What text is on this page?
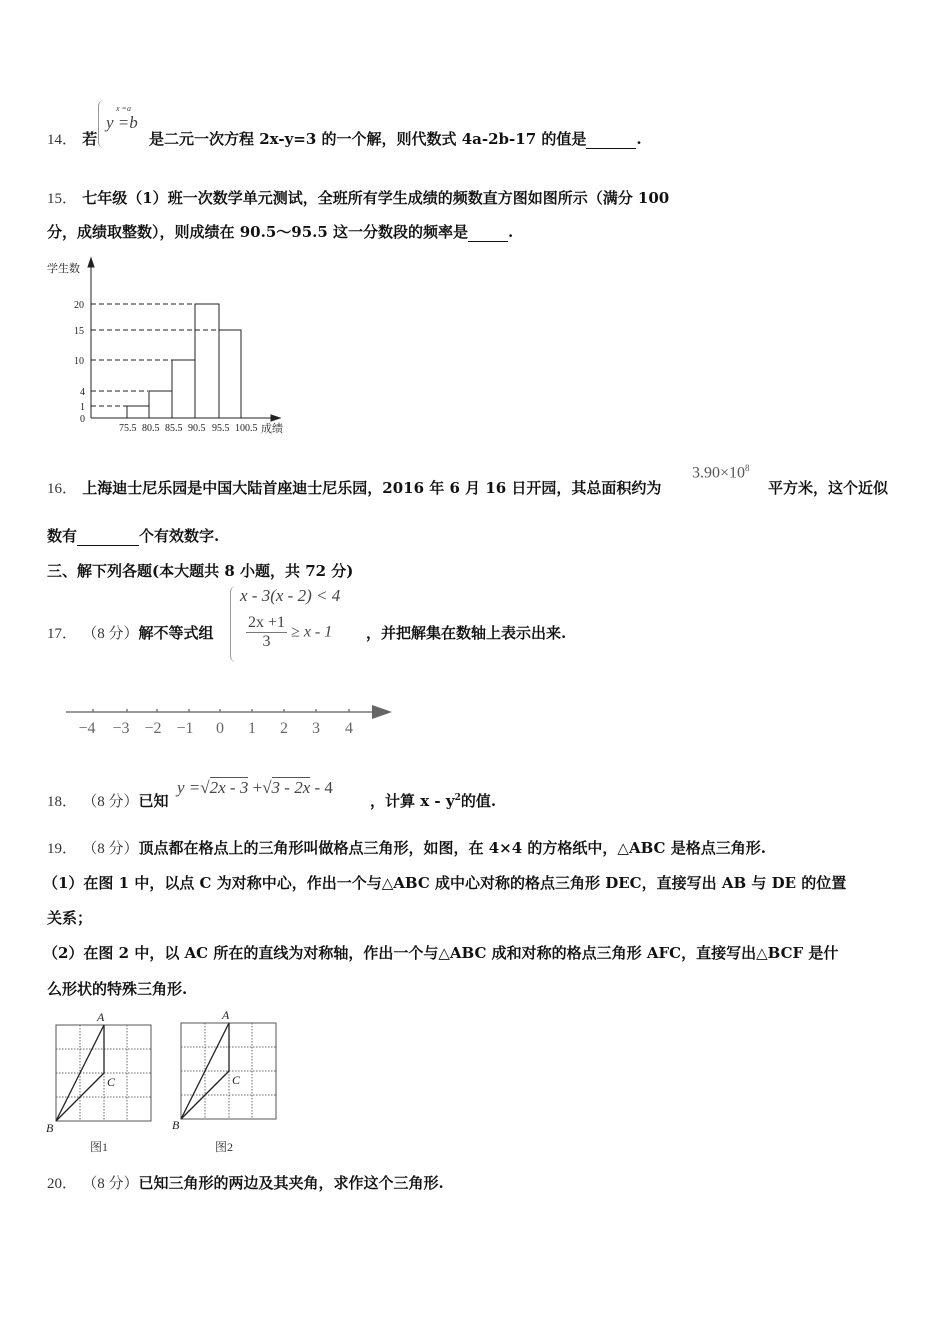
14． 若
x =a
y =b
是二元一次方程 2x-y=3 的一个解，则代数式 4a-2b-17 的值是	.
15． 七年级（1）班一次数学单元测试，全班所有学生成绩的频数直方图如图所示（满分 100
分，成绩取整数），则成绩在 90.5～95.5 这一分数段的频率是	.
学生数
20
15
10
4
1
0
75.5 80.5 85.5 90.5 95.5 100.5 成绩
16． 上海迪士尼乐园是中国大陆首座迪士尼乐园，2016 年 6 月 16 日开园，其总面积约为
$3.90\times 10^8$
平方米，这个近似
数有	个有效数字.
三、解下列各题(本大题共 8 小题，共 72 分)
17． （8 分）解不等式组
x - 3(x - 2) < 4
$\frac{2x +1}{3} \ge x - 1$ ，并把解集在数轴上表示出来.
−4 −3 −2 −1 0 1 2 3 4
18． （8 分）已知
y =√2x - 3 +√3 - 2x - 4
，计算 x - $y^2$的值.
19． （8 分）顶点都在格点上的三角形叫做格点三角形，如图，在 4×4 的方格纸中，△ABC 是格点三角形.
（1）在图 1 中，以点 C 为对称中心，作出一个与△ABC 成中心对称的格点三角形 DEC，直接写出 AB 与 DE 的位置
关系；
（2）在图 2 中，以 AC 所在的直线为对称轴，作出一个与△ABC 成和对称的格点三角形 AFC，直接写出△BCF 是什
么形状的特殊三角形.
A
B
C
图1
A
B
C
图2
20． （8 分）已知三角形的两边及其夹角，求作这个三角形.
